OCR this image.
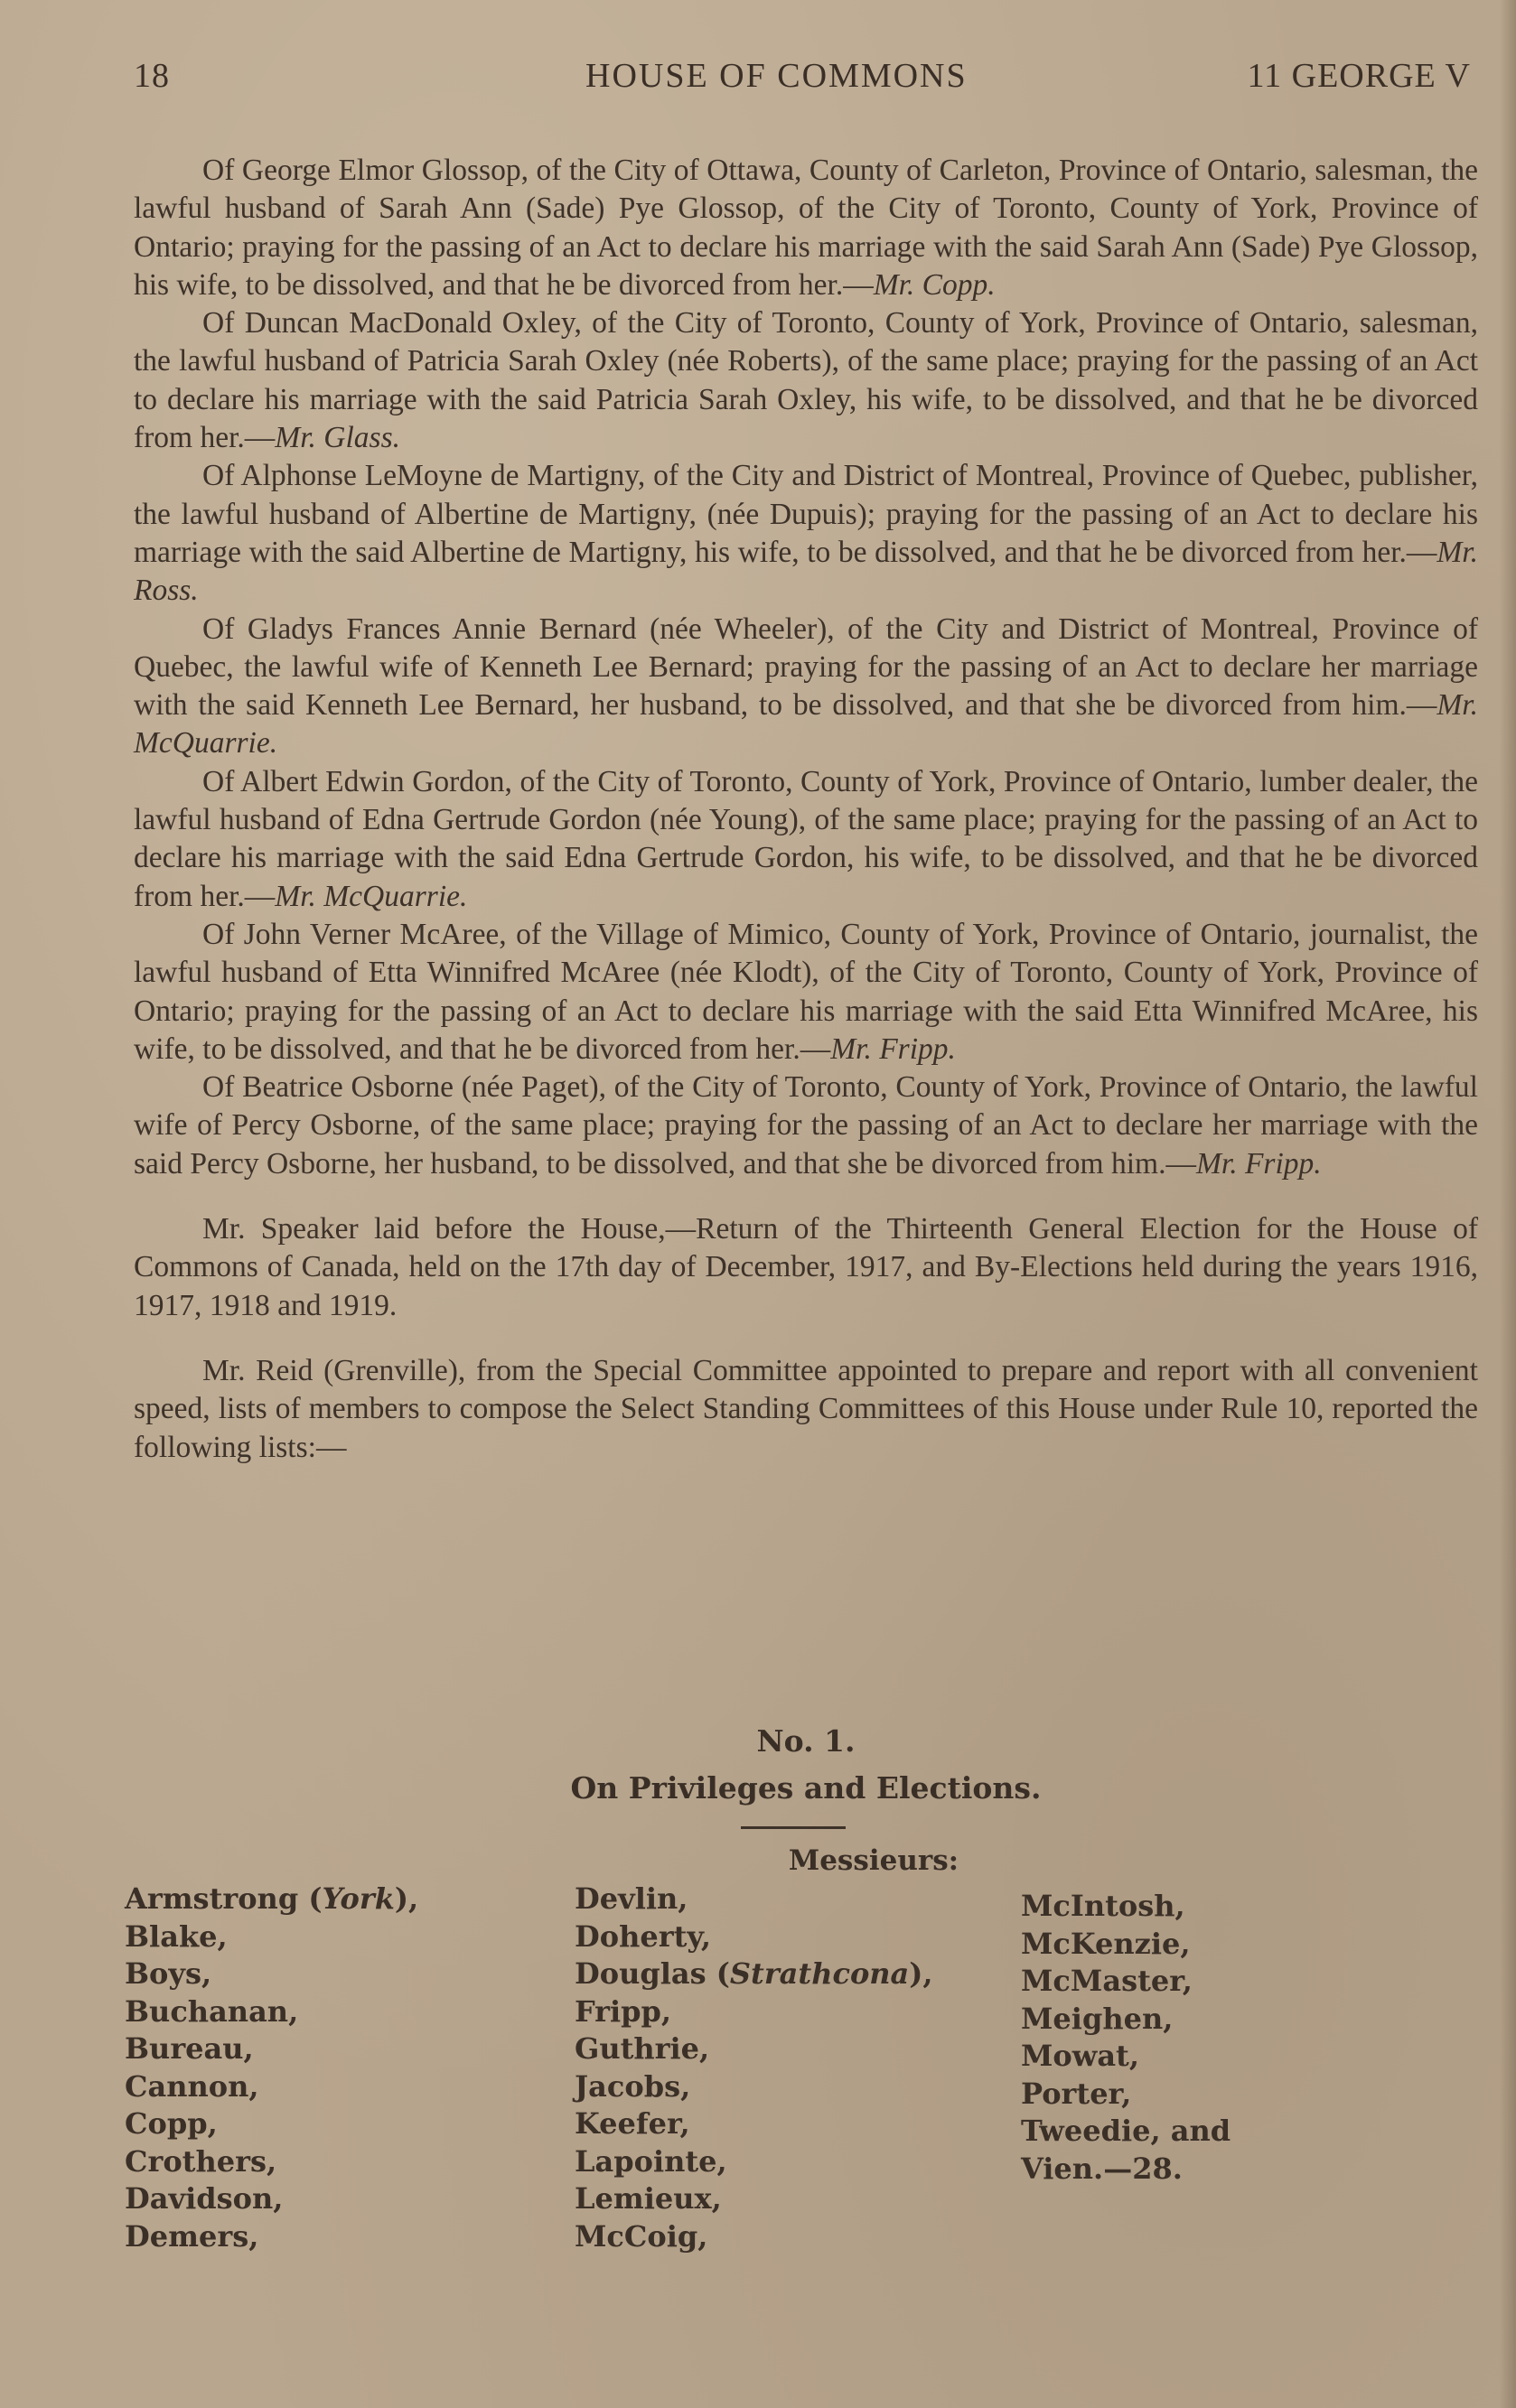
18	HOUSE OF COMMONS	11 GEORGE V

Of George Elmor Glossop, of the City of Ottawa, County of Carleton, Province of Ontario, salesman, the lawful husband of Sarah Ann (Sade) Pye Glossop, of the City of Toronto, County of York, Province of Ontario; praying for the passing of an Act to declare his marriage with the said Sarah Ann (Sade) Pye Glossop, his wife, to be dissolved, and that he be divorced from her.—Mr. Copp.

Of Duncan MacDonald Oxley, of the City of Toronto, County of York, Province of Ontario, salesman, the lawful husband of Patricia Sarah Oxley (née Roberts), of the same place; praying for the passing of an Act to declare his marriage with the said Patricia Sarah Oxley, his wife, to be dissolved, and that he be divorced from her.—Mr. Glass.

Of Alphonse LeMoyne de Martigny, of the City and District of Montreal, Province of Quebec, publisher, the lawful husband of Albertine de Martigny, (née Dupuis); praying for the passing of an Act to declare his marriage with the said Albertine de Martigny, his wife, to be dissolved, and that he be divorced from her.—Mr. Ross.

Of Gladys Frances Annie Bernard (née Wheeler), of the City and District of Montreal, Province of Quebec, the lawful wife of Kenneth Lee Bernard; praying for the passing of an Act to declare her marriage with the said Kenneth Lee Bernard, her husband, to be dissolved, and that she be divorced from him.—Mr. McQuarrie.

Of Albert Edwin Gordon, of the City of Toronto, County of York, Province of Ontario, lumber dealer, the lawful husband of Edna Gertrude Gordon (née Young), of the same place; praying for the passing of an Act to declare his marriage with the said Edna Gertrude Gordon, his wife, to be dissolved, and that he be divorced from her.—Mr. McQuarrie.

Of John Verner McAree, of the Village of Mimico, County of York, Province of Ontario, journalist, the lawful husband of Etta Winnifred McAree (née Klodt), of the City of Toronto, County of York, Province of Ontario; praying for the passing of an Act to declare his marriage with the said Etta Winnifred McAree, his wife, to be dissolved, and that he be divorced from her.—Mr. Fripp.

Of Beatrice Osborne (née Paget), of the City of Toronto, County of York, Province of Ontario, the lawful wife of Percy Osborne, of the same place; praying for the passing of an Act to declare her marriage with the said Percy Osborne, her husband, to be dissolved, and that she be divorced from him.—Mr. Fripp.

Mr. Speaker laid before the House,—Return of the Thirteenth General Election for the House of Commons of Canada, held on the 17th day of December, 1917, and By-Elections held during the years 1916, 1917, 1918 and 1919.

Mr. Reid (Grenville), from the Special Committee appointed to prepare and report with all convenient speed, lists of members to compose the Select Standing Committees of this House under Rule 10, reported the following lists:—

No. 1.
On Privileges and Elections.
Messieurs:
Armstrong (York),
Blake,
Boys,
Buchanan,
Bureau,
Cannon,
Copp,
Crothers,
Davidson,
Demers,
Devlin,
Doherty,
Douglas (Strathcona),
Fripp,
Guthrie,
Jacobs,
Keefer,
Lapointe,
Lemieux,
McCoig,
McIntosh,
McKenzie,
McMaster,
Meighen,
Mowat,
Porter,
Tweedie, and
Vien.—28.
